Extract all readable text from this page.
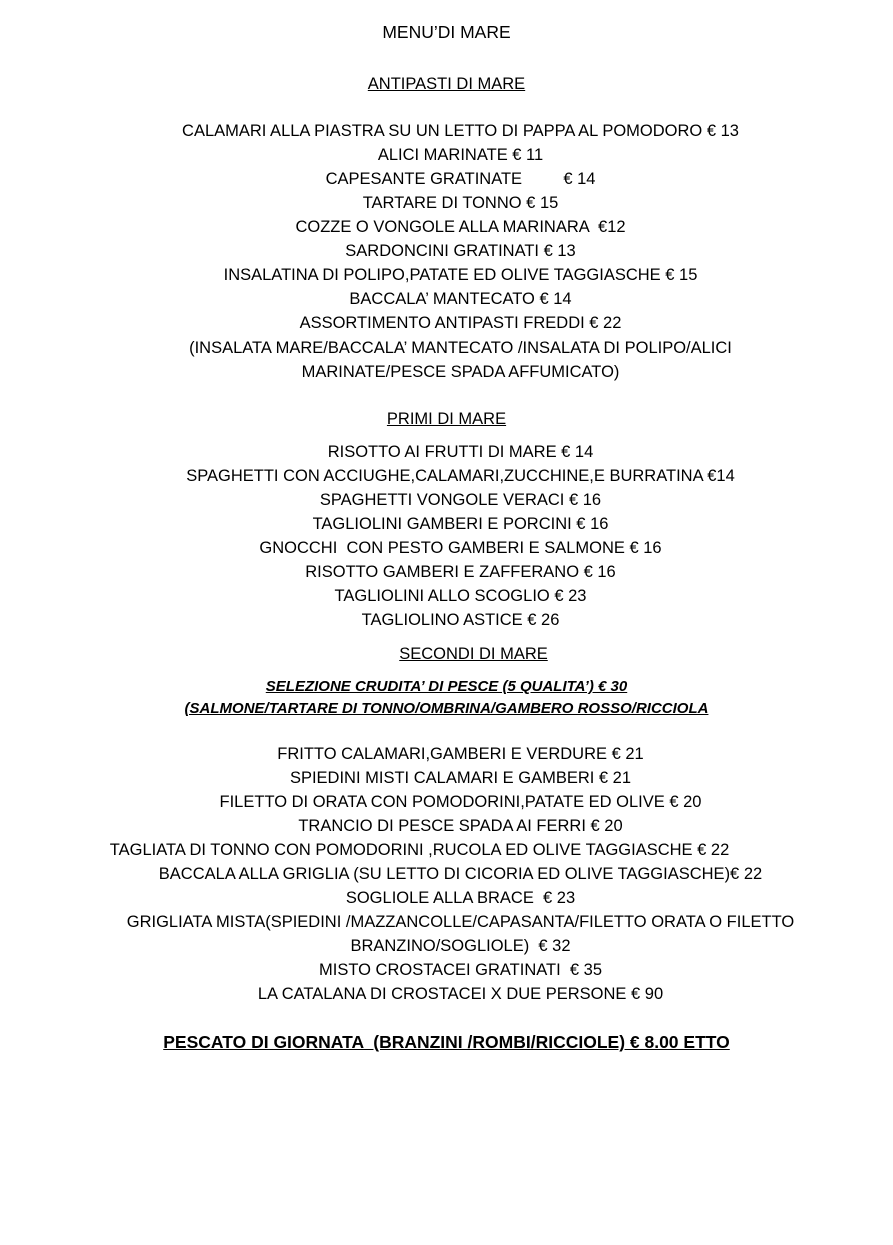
MENU’DI MARE
ANTIPASTI DI MARE
CALAMARI ALLA PIASTRA SU UN LETTO DI PAPPA AL POMODORO € 13
ALICI MARINATE € 11
CAPESANTE GRATINATE         € 14
TARTARE DI TONNO € 15
COZZE O VONGOLE ALLA MARINARA  €12
SARDONCINI GRATINATI € 13
INSALATINA DI POLIPO,PATATE ED OLIVE TAGGIASCHE € 15
BACCALA’ MANTECATO € 14
ASSORTIMENTO ANTIPASTI FREDDI € 22
(INSALATA MARE/BACCALA’ MANTECATO /INSALATA DI POLIPO/ALICI
MARINATE/PESCE SPADA AFFUMICATO)
PRIMI DI MARE
RISOTTO AI FRUTTI DI MARE € 14
SPAGHETTI CON ACCIUGHE,CALAMARI,ZUCCHINE,E BURRATINA €14
SPAGHETTI VONGOLE VERACI € 16
TAGLIOLINI GAMBERI E PORCINI € 16
GNOCCHI  CON PESTO GAMBERI E SALMONE € 16
RISOTTO GAMBERI E ZAFFERANO € 16
TAGLIOLINI ALLO SCOGLIO € 23
TAGLIOLINO ASTICE € 26
SECONDI DI MARE
SELEZIONE CRUDITA’ DI PESCE (5 QUALITA’) € 30
(SALMONE/TARTARE DI TONNO/OMBRINA/GAMBERO ROSSO/RICCIOLA
FRITTO CALAMARI,GAMBERI E VERDURE € 21
SPIEDINI MISTI CALAMARI E GAMBERI € 21
FILETTO DI ORATA CON POMODORINI,PATATE ED OLIVE € 20
TRANCIO DI PESCE SPADA AI FERRI € 20
TAGLIATA DI TONNO CON POMODORINI ,RUCOLA ED OLIVE TAGGIASCHE € 22
BACCALA ALLA GRIGLIA (SU LETTO DI CICORIA ED OLIVE TAGGIASCHE)€ 22
SOGLIOLE ALLA BRACE  € 23
GRIGLIATA MISTA(SPIEDINI /MAZZANCOLLE/CAPASANTA/FILETTO ORATA O FILETTO
BRANZINO/SOGLIOLE)  € 32
MISTO CROSTACEI GRATINATI  € 35
LA CATALANA DI CROSTACEI X DUE PERSONE € 90
PESCATO DI GIORNATA  (BRANZINI /ROMBI/RICCIOLE) € 8.00 ETTO
